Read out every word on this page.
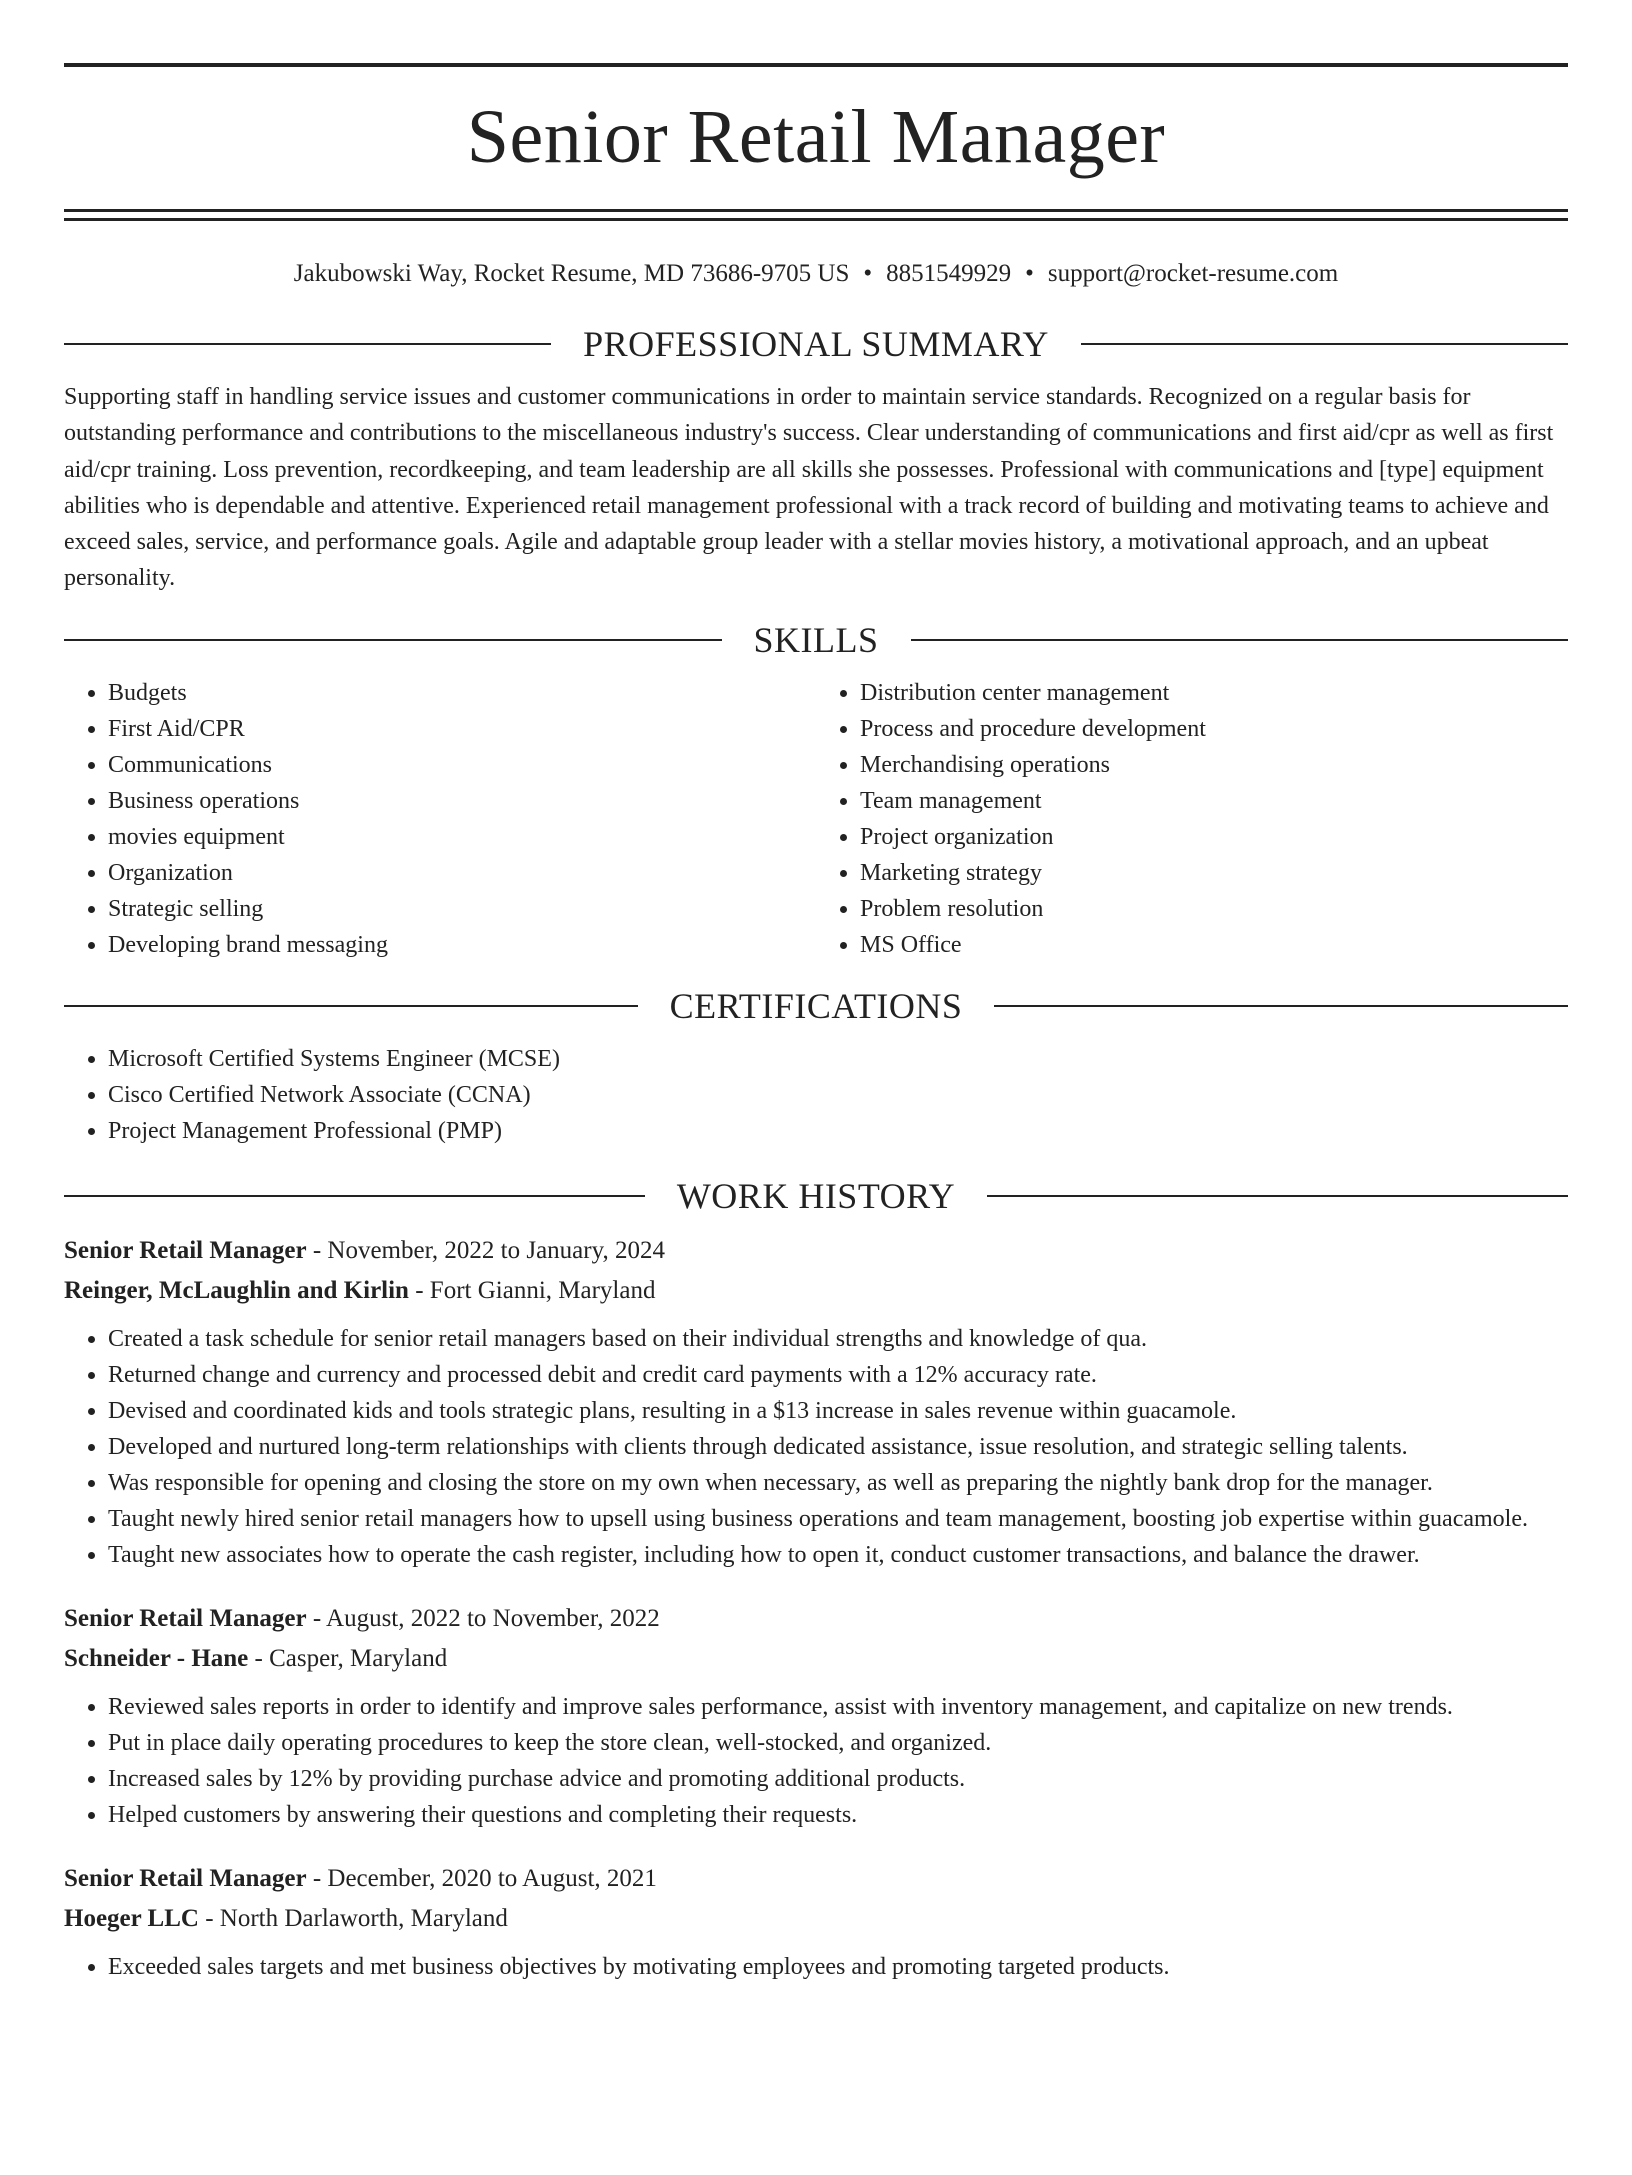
Senior Retail Manager
Jakubowski Way, Rocket Resume, MD 73686-9705 US • 8851549929 • support@rocket-resume.com
PROFESSIONAL SUMMARY

Supporting staff in handling service issues and customer communications in order to maintain service standards. Recognized on a regular basis for outstanding performance and contributions to the miscellaneous industry's success. Clear understanding of communications and first aid/cpr as well as first aid/cpr training. Loss prevention, recordkeeping, and team leadership are all skills she possesses. Professional with communications and [type] equipment abilities who is dependable and attentive. Experienced retail management professional with a track record of building and motivating teams to achieve and exceed sales, service, and performance goals. Agile and adaptable group leader with a stellar movies history, a motivational approach, and an upbeat personality.

SKILLS
• Budgets
• First Aid/CPR
• Communications
• Business operations
• movies equipment
• Organization
• Strategic selling
• Developing brand messaging
• Distribution center management
• Process and procedure development
• Merchandising operations
• Team management
• Project organization
• Marketing strategy
• Problem resolution
• MS Office
CERTIFICATIONS
• Microsoft Certified Systems Engineer (MCSE)
• Cisco Certified Network Associate (CCNA)
• Project Management Professional (PMP)
WORK HISTORY
Senior Retail Manager - November, 2022 to January, 2024
Reinger, McLaughlin and Kirlin - Fort Gianni, Maryland
• Created a task schedule for senior retail managers based on their individual strengths and knowledge of qua.
• Returned change and currency and processed debit and credit card payments with a 12% accuracy rate.
• Devised and coordinated kids and tools strategic plans, resulting in a $13 increase in sales revenue within guacamole.
• Developed and nurtured long-term relationships with clients through dedicated assistance, issue resolution, and strategic selling talents.
• Was responsible for opening and closing the store on my own when necessary, as well as preparing the nightly bank drop for the manager.
• Taught newly hired senior retail managers how to upsell using business operations and team management, boosting job expertise within guacamole.
• Taught new associates how to operate the cash register, including how to open it, conduct customer transactions, and balance the drawer.
Senior Retail Manager - August, 2022 to November, 2022
Schneider - Hane - Casper, Maryland
• Reviewed sales reports in order to identify and improve sales performance, assist with inventory management, and capitalize on new trends.
• Put in place daily operating procedures to keep the store clean, well-stocked, and organized.
• Increased sales by 12% by providing purchase advice and promoting additional products.
• Helped customers by answering their questions and completing their requests.
Senior Retail Manager - December, 2020 to August, 2021
Hoeger LLC - North Darlaworth, Maryland
• Exceeded sales targets and met business objectives by motivating employees and promoting targeted products.
